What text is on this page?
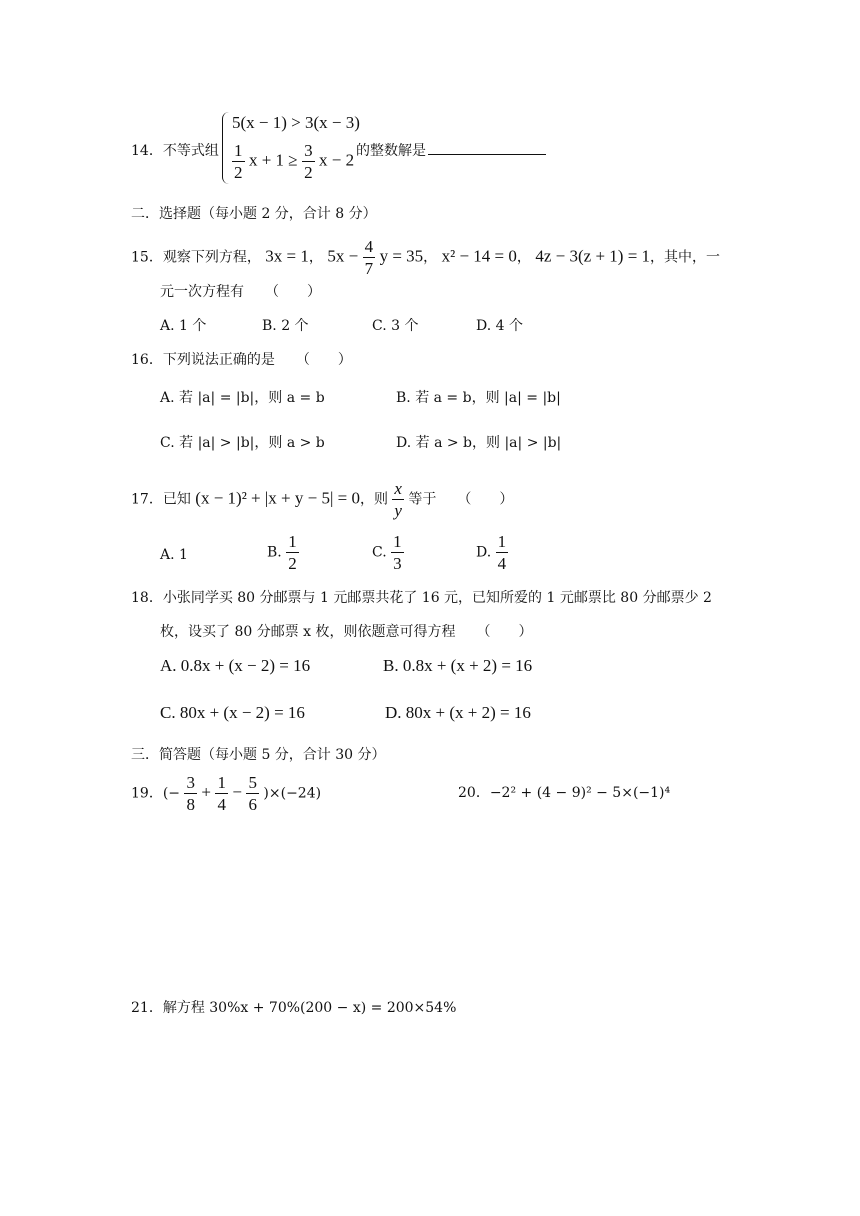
14．不等式组
5(x − 1) > 3(x − 3)
$\frac{1}{2}$ $x + 1 \ge \frac{3}{2}$ x − 2 的整数解是
二．选择题（每小题 2 分，合计 8 分）
15．观察下列方程， 3x = 1， $5x - \frac{4}{7}$ y = 35， x² − 14 = 0， 4z − 3(z + 1) = 1，其中，一
元一次方程有　　（　　）
A. 1 个	B. 2 个	C. 3 个	D. 4 个
16．下列说法正确的是　　（　　）
A. 若 |a| = |b|，则 a = b	B. 若 a = b，则 |a| = |b|
C. 若 |a| > |b|，则 a > b	D. 若 a > b，则 |a| > |b|
17．已知 (x − 1)² + |x + y − 5| = 0，则 $\frac{x}{y}$ 等于　　（　　）
A. 1	B. $\frac{1}{2}$	C. $\frac{1}{3}$	D. $\frac{1}{4}$
18．小张同学买 80 分邮票与 1 元邮票共花了 16 元，已知所爱的 1 元邮票比 80 分邮票少 2
枚，设买了 80 分邮票 x 枚，则依题意可得方程　　（　　）
A. 0.8x + (x − 2) = 16	B. 0.8x + (x + 2) = 16
C. 80x + (x − 2) = 16	D. 80x + (x + 2) = 16
三．简答题（每小题 5 分，合计 30 分）
19．(− $\frac{3}{8} + \frac{1}{4} - \frac{5}{6} )\times(-24)$	20．−2² + (4 − 9)² − 5×(−1)⁴
21．解方程 30%x + 70%(200 − x) = 200×54%
